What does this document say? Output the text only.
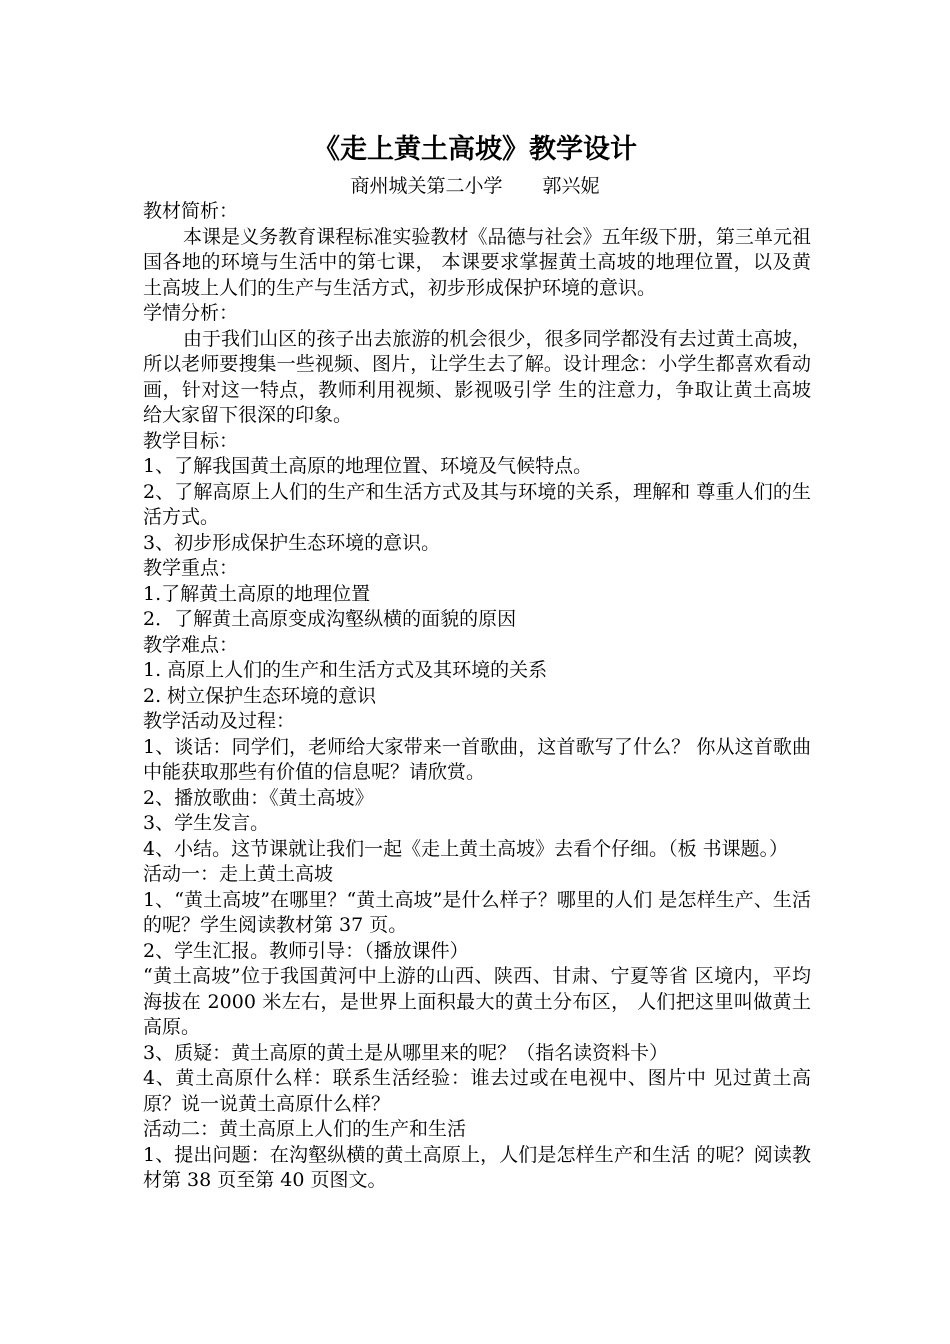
《走上黄土高坡》教学设计
商州城关第二小学 郭兴妮

教材简析：

本课是义务教育课程标准实验教材《品德与社会》五年级下册，第三单元祖国各地的环境与生活中的第七课， 本课要求掌握黄土高坡的地理位置，以及黄土高坡上人们的生产与生活方式，初步形成保护环境的意识。

学情分析：

由于我们山区的孩子出去旅游的机会很少，很多同学都没有去过黄土高坡，所以老师要搜集一些视频、图片，让学生去了解。设计理念：小学生都喜欢看动画，针对这一特点，教师利用视频、影视吸引学 生的注意力，争取让黄土高坡给大家留下很深的印象。

教学目标：

1、了解我国黄土高原的地理位置、环境及气候特点。

2、了解高原上人们的生产和生活方式及其与环境的关系，理解和 尊重人们的生活方式。

3、初步形成保护生态环境的意识。

教学重点：

1.了解黄土高原的地理位置

2．了解黄土高原变成沟壑纵横的面貌的原因

教学难点：

1. 高原上人们的生产和生活方式及其环境的关系

2. 树立保护生态环境的意识

教学活动及过程：

1、谈话：同学们，老师给大家带来一首歌曲，这首歌写了什么？ 你从这首歌曲中能获取那些有价值的信息呢？请欣赏。

2、播放歌曲：《黄土高坡》

3、学生发言。

4、小结。这节课就让我们一起《走上黄土高坡》去看个仔细。（板 书课题。）

活动一：走上黄土高坡

1、“黄土高坡”在哪里？“黄土高坡”是什么样子？哪里的人们 是怎样生产、生活的呢？学生阅读教材第 37 页。

2、学生汇报。教师引导：（播放课件）

“黄土高坡”位于我国黄河中上游的山西、陕西、甘肃、宁夏等省 区境内，平均海拔在 2000 米左右，是世界上面积最大的黄土分布区， 人们把这里叫做黄土高原。

3、质疑：黄土高原的黄土是从哪里来的呢？（指名读资料卡）

4、黄土高原什么样：联系生活经验：谁去过或在电视中、图片中 见过黄土高原？说一说黄土高原什么样？

活动二：黄土高原上人们的生产和生活

1、提出问题：在沟壑纵横的黄土高原上，人们是怎样生产和生活 的呢？阅读教材第 38 页至第 40 页图文。
